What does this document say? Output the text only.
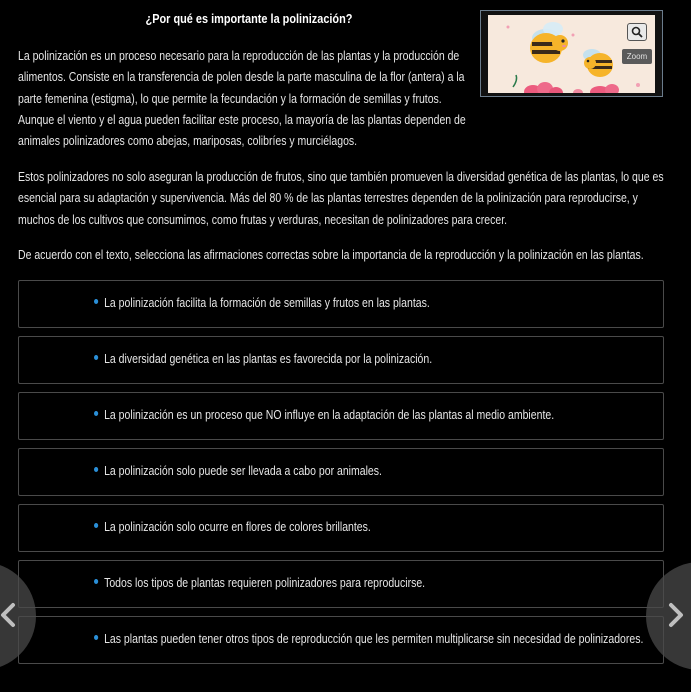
¿Por qué es importante la polinización?
La polinización es un proceso necesario para la reproducción de las plantas y la producción de alimentos. Consiste en la transferencia de polen desde la parte masculina de la flor (antera) a la parte femenina (estigma), lo que permite la fecundación y la formación de semillas y frutos. Aunque el viento y el agua pueden facilitar este proceso, la mayoría de las plantas dependen de animales polinizadores como abejas, mariposas, colibríes y murciélagos.
Zoom
Estos polinizadores no solo aseguran la producción de frutos, sino que también promueven la diversidad genética de las plantas, lo que es esencial para su adaptación y supervivencia. Más del 80 % de las plantas terrestres dependen de la polinización para reproducirse, y muchos de los cultivos que consumimos, como frutas y verduras, necesitan de polinizadores para crecer.
De acuerdo con el texto, selecciona las afirmaciones correctas sobre la importancia de la reproducción y la polinización en las plantas.
La polinización facilita la formación de semillas y frutos en las plantas.
La diversidad genética en las plantas es favorecida por la polinización.
La polinización es un proceso que NO influye en la adaptación de las plantas al medio ambiente.
La polinización solo puede ser llevada a cabo por animales.
La polinización solo ocurre en flores de colores brillantes.
Todos los tipos de plantas requieren polinizadores para reproducirse.
Las plantas pueden tener otros tipos de reproducción que les permiten multiplicarse sin necesidad de polinizadores.
